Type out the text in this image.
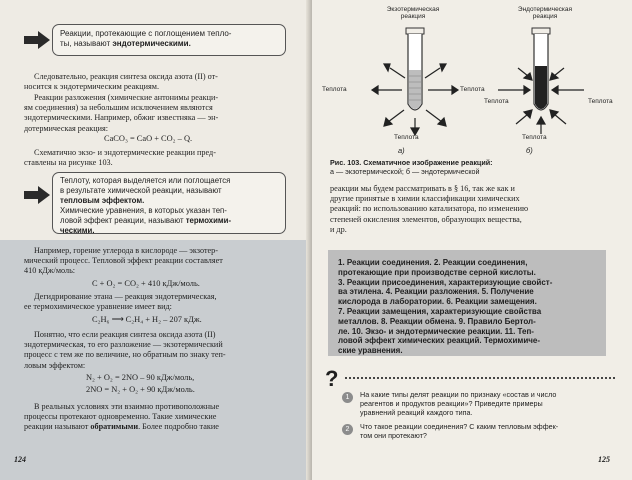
Реакции, протекающие с поглощением тепло-
ты, называют эндотермическими.

Следовательно, реакция синтеза оксида азота (II) от-
носится к эндотермическим реакциям.

Реакции разложения (химические антонимы реакци-
ям соединения) за небольшим исключением являются
эндотермическими. Например, обжиг известняка — эн-
дотермическая реакция:

CaCO₃ = CaO + CO₂ – Q.

Схематично экзо- и эндотермические реакции пред-
ставлены на рисунке 103.

Теплоту, которая выделяется или поглощается
в результате химической реакции, называют
тепловым эффектом.
Химические уравнения, в которых указан теп-
ловой эффект реакции, называют термохими-
ческими.

Например, горение углерода в кислороде — экзотер-
мический процесс. Тепловой эффект реакции составляет
410 кДж/моль:

C + O₂ = CO₂ + 410 кДж/моль.

Дегидрирование этана — реакция эндотермическая,
ее термохимическое уравнение имеет вид:

C₂H₆ ⟶ C₂H₄ + H₂ – 207 кДж.

Понятно, что если реакция синтеза оксида азота (II)
эндотермическая, то его разложение — экзотермический
процесс с тем же по величине, но обратным по знаку теп-
ловым эффектом:

N₂ + O₂ = 2NO – 90 кДж/моль,
2NO = N₂ + O₂ + 90 кДж/моль.

В реальных условиях эти взаимно противоположные
процессы протекают одновременно. Такие химические
реакции называют обратимыми. Более подробно такие

124
Экзотермическая
реакция
Эндотермическая
реакция
Теплота	Теплота
Теплота
Теплота	Теплота
Теплота
а)	б)
Рис. 103. Схематичное изображение реакций:
а — экзотермической; б — эндотермической

реакции мы будем рассматривать в § 16, так же как и
другие принятые в химии классификации химических
реакций: по использованию катализатора, по изменению
степеней окисления элементов, образующих вещества,
и др.

1. Реакции соединения. 2. Реакции соединения,
протекающие при производстве серной кислоты.
3. Реакции присоединения, характеризующие свойст-
ва этилена. 4. Реакции разложения. 5. Получение
кислорода в лаборатории. 6. Реакции замещения.
7. Реакции замещения, характеризующие свойства
металлов. 8. Реакции обмена. 9. Правило Бертол-
ле. 10. Экзо- и эндотермические реакции. 11. Теп-
ловой эффект химических реакций. Термохимиче-
ские уравнения.

?
1	На какие типы делят реакции по признаку «состав и число
реагентов и продуктов реакции»? Приведите примеры
уравнений реакций каждого типа.

2	Что такое реакции соединения? С каким тепловым эффек-
том они протекают?

125
